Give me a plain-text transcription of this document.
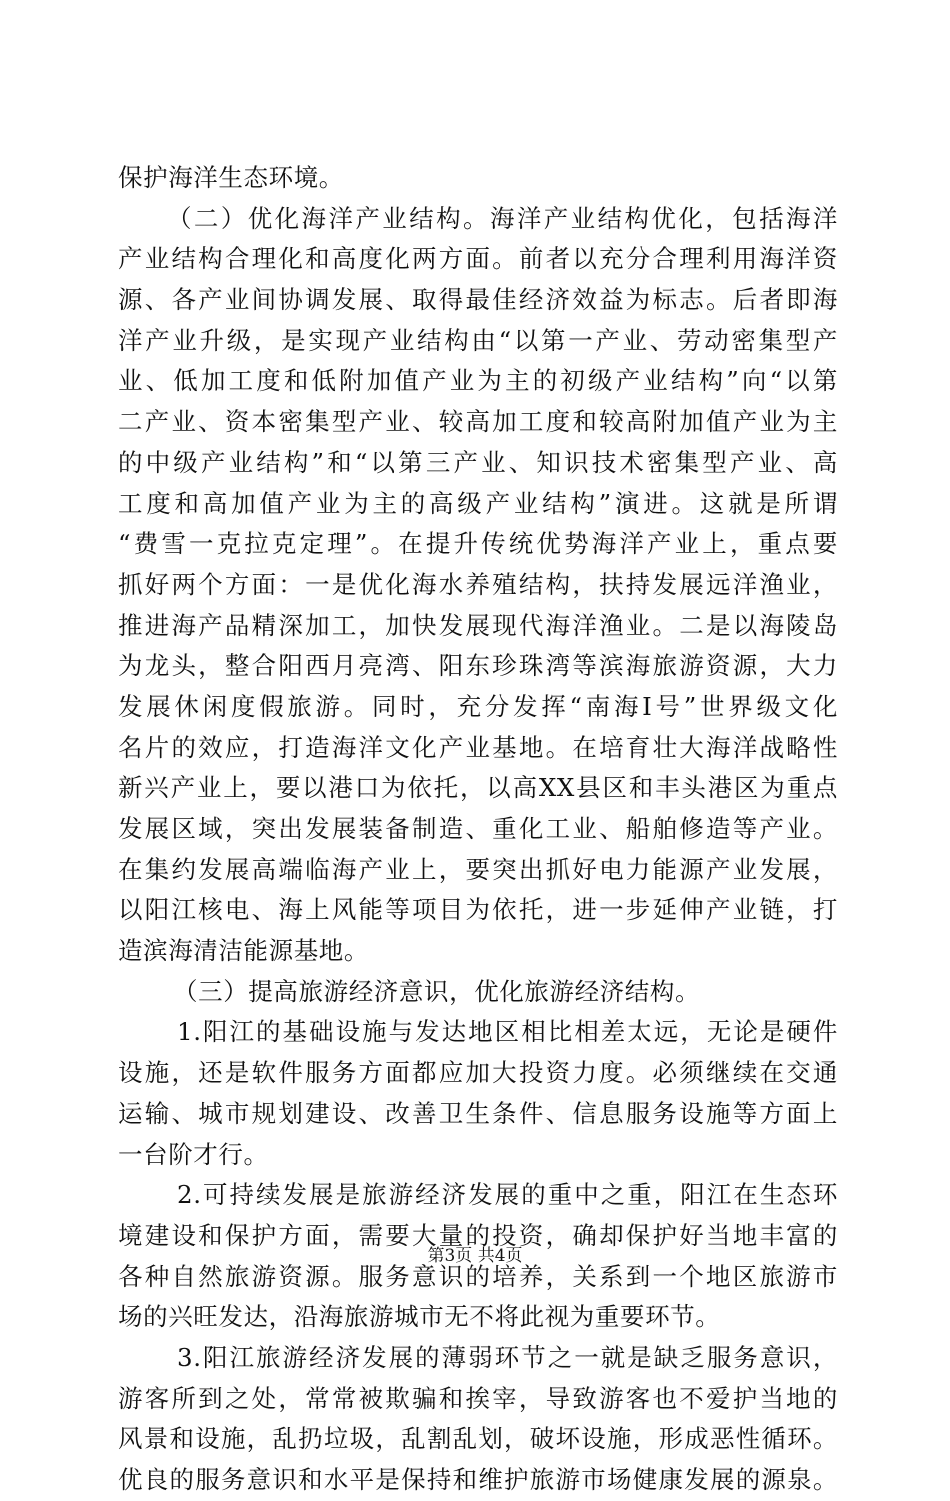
保护海洋生态环境。
（二）优化海洋产业结构。海洋产业结构优化，包括海洋
产业结构合理化和高度化两方面。前者以充分合理利用海洋资
源、各产业间协调发展、取得最佳经济效益为标志。后者即海
洋产业升级，是实现产业结构由“以第一产业、劳动密集型产
业、低加工度和低附加值产业为主的初级产业结构”向“以第
二产业、资本密集型产业、较高加工度和较高附加值产业为主
的中级产业结构”和“以第三产业、知识技术密集型产业、高
工度和高加值产业为主的高级产业结构”演进。这就是所谓
“费雪一克拉克定理”。在提升传统优势海洋产业上，重点要
抓好两个方面：一是优化海水养殖结构，扶持发展远洋渔业，
推进海产品精深加工，加快发展现代海洋渔业。二是以海陵岛
为龙头，整合阳西月亮湾、阳东珍珠湾等滨海旅游资源，大力
发展休闲度假旅游。同时，充分发挥“南海Ⅰ号”世界级文化
名片的效应，打造海洋文化产业基地。在培育壮大海洋战略性
新兴产业上，要以港口为依托，以高XX县区和丰头港区为重点
发展区域，突出发展装备制造、重化工业、船舶修造等产业。
在集约发展高端临海产业上，要突出抓好电力能源产业发展，
以阳江核电、海上风能等项目为依托，进一步延伸产业链，打
造滨海清洁能源基地。
（三）提高旅游经济意识，优化旅游经济结构。
1.阳江的基础设施与发达地区相比相差太远，无论是硬件
设施，还是软件服务方面都应加大投资力度。必须继续在交通
运输、城市规划建设、改善卫生条件、信息服务设施等方面上
一台阶才行。
2.可持续发展是旅游经济发展的重中之重，阳江在生态环
境建设和保护方面，需要大量的投资，确却保护好当地丰富的
各种自然旅游资源。服务意识的培养，关系到一个地区旅游市
场的兴旺发达，沿海旅游城市无不将此视为重要环节。
3.阳江旅游经济发展的薄弱环节之一就是缺乏服务意识，
游客所到之处，常常被欺骗和挨宰，导致游客也不爱护当地的
风景和设施，乱扔垃圾，乱割乱划，破坏设施，形成恶性循环。
优良的服务意识和水平是保持和维护旅游市场健康发展的源泉。
第3页 共4页
